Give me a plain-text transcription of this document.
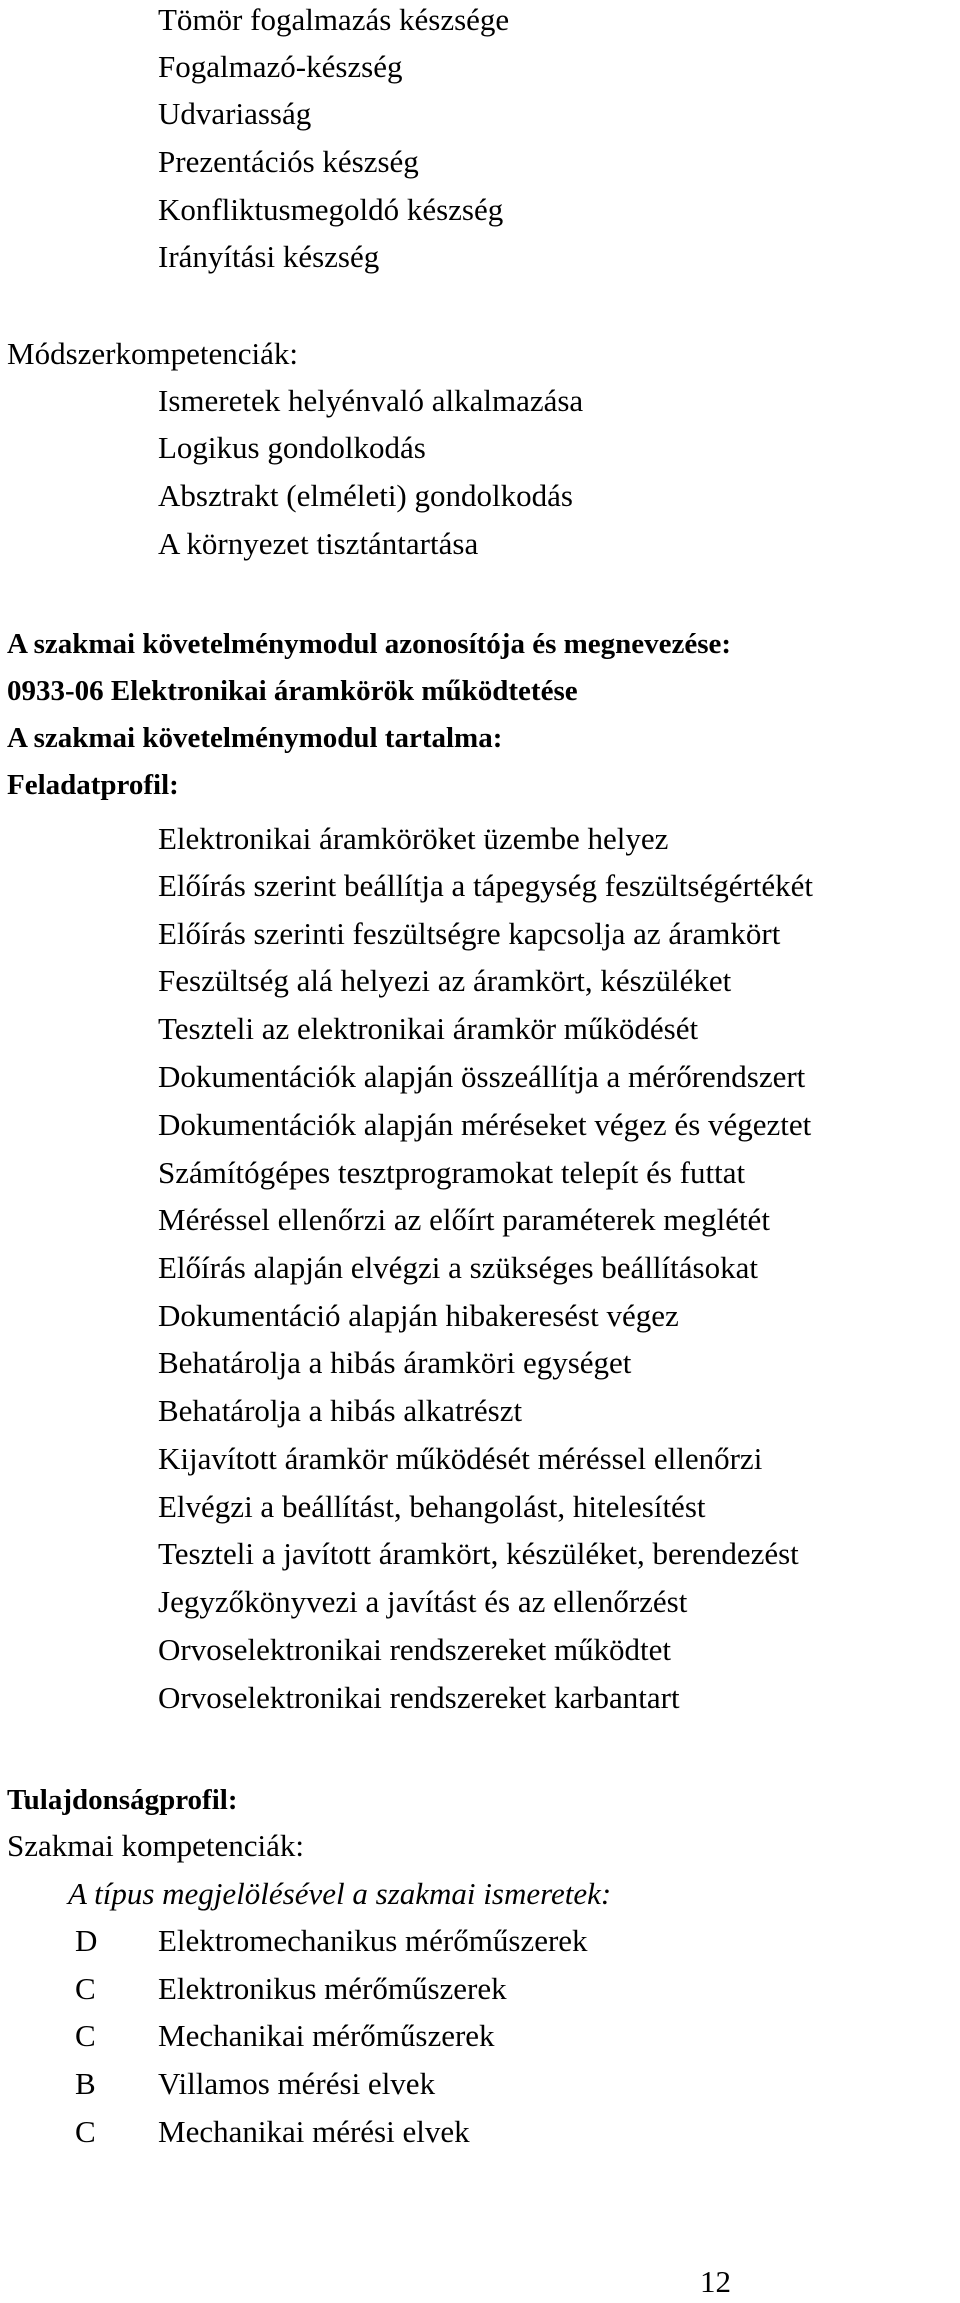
Tömör fogalmazás készsége
Fogalmazó-készség
Udvariasság
Prezentációs készség
Konfliktusmegoldó készség
Irányítási készség
Módszerkompetenciák:
Ismeretek helyénvaló alkalmazása
Logikus gondolkodás
Absztrakt (elméleti) gondolkodás
A környezet tisztántartása
A szakmai követelménymodul azonosítója és megnevezése:
0933-06 Elektronikai áramkörök működtetése
A szakmai követelménymodul tartalma:
Feladatprofil:
Elektronikai áramköröket üzembe helyez
Előírás szerint beállítja a tápegység feszültségértékét
Előírás szerinti feszültségre kapcsolja az áramkört
Feszültség alá helyezi az áramkört, készüléket
Teszteli az elektronikai áramkör működését
Dokumentációk alapján összeállítja a mérőrendszert
Dokumentációk alapján méréseket végez és végeztet
Számítógépes tesztprogramokat telepít és futtat
Méréssel ellenőrzi az előírt paraméterek meglétét
Előírás alapján elvégzi a szükséges beállításokat
Dokumentáció alapján hibakeresést végez
Behatárolja a hibás áramköri egységet
Behatárolja a hibás alkatrészt
Kijavított áramkör működését méréssel ellenőrzi
Elvégzi a beállítást, behangolást, hitelesítést
Teszteli a javított áramkört, készüléket, berendezést
Jegyzőkönyvezi a javítást és az ellenőrzést
Orvoselektronikai rendszereket működtet
Orvoselektronikai rendszereket karbantart
Tulajdonságprofil:
Szakmai kompetenciák:
A típus megjelölésével a szakmai ismeretek:
D Elektromechanikus mérőműszerek
C Elektronikus mérőműszerek
C Mechanikai mérőműszerek
B Villamos mérési elvek
C Mechanikai mérési elvek
12
